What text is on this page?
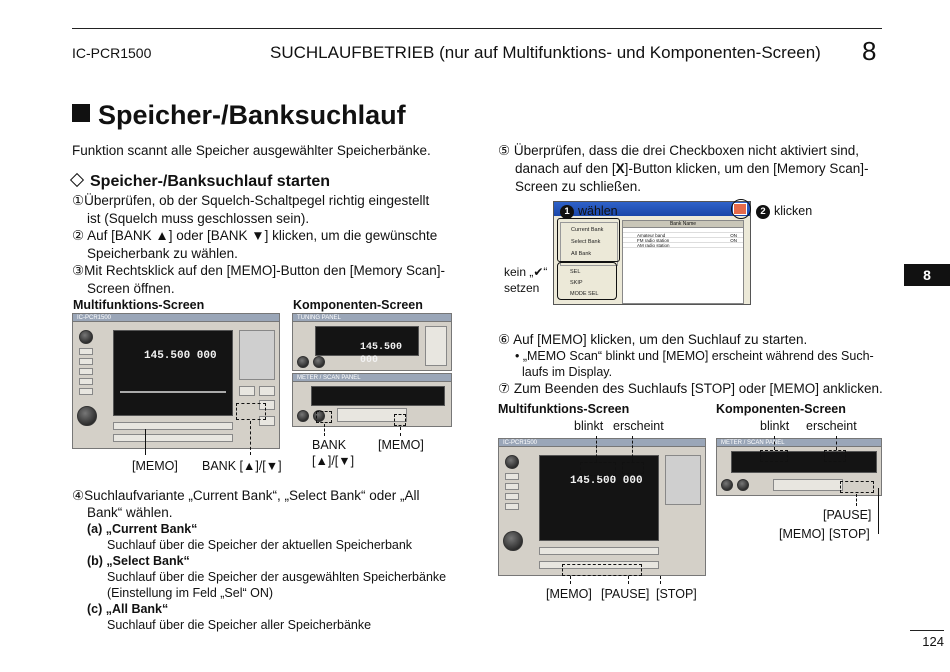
IC-PCR1500	SUCHLAUFBETRIEB (nur auf Multifunktions- und Komponenten-Screen) 8
Speicher-/Banksuchlauf
Funktion scannt alle Speicher ausgewählter Speicherbänke.
Speicher-/Banksuchlauf starten
①Überprüfen, ob der Squelch-Schaltpegel richtig eingestellt
ist (Squelch muss geschlossen sein).
② Auf [BANK ▲] oder [BANK ▼] klicken, um die gewünschte
Speicherbank zu wählen.
③Mit Rechtsklick auf den [MEMO]-Button den [Memory Scan]-
Screen öffnen.
Multifunktions-Screen	Komponenten-Screen
IC-PCR1500
145.500 000
[MEMO] BANK [▲]/[▼]
TUNING PANEL
145.500 000
METER / SCAN PANEL
BANK
[▲]/[▼]
[MEMO]
④Suchlaufvariante „Current Bank“, „Select Bank“ oder „All
Bank“ wählen.
(a) „Current Bank“
Suchlauf über die Speicher der aktuellen Speicherbank
(b) „Select Bank“
Suchlauf über die Speicher der ausgewählten Speicherbänke
(Einstellung im Feld „Sel“ ON)
(c) „All Bank“
Suchlauf über die Speicher aller Speicherbänke
⑤ Überprüfen, dass die drei Checkboxen nicht aktiviert sind,
danach auf den [X]-Button klicken, um den [Memory Scan]-
Screen zu schließen.
Current Bank
Select Bank
All Bank
SEL
SKIP
MODE SEL
Bank Name
Amateur band	ON
FM radio station	ON
AM radio station
1 wählen	2 klicken
kein „✔“
setzen
⑥ Auf [MEMO] klicken, um den Suchlauf zu starten.
• „MEMO Scan“ blinkt und [MEMO] erscheint während des Such-
laufs im Display.
⑦ Zum Beenden des Suchlaufs [STOP] oder [MEMO] anklicken.
Multifunktions-Screen	Komponenten-Screen
blinkt erscheint	blinkt erscheint
IC-PCR1500
145.500 000
[MEMO] [PAUSE] [STOP]
METER / SCAN PANEL
[PAUSE]
[MEMO] [STOP]
8
124
